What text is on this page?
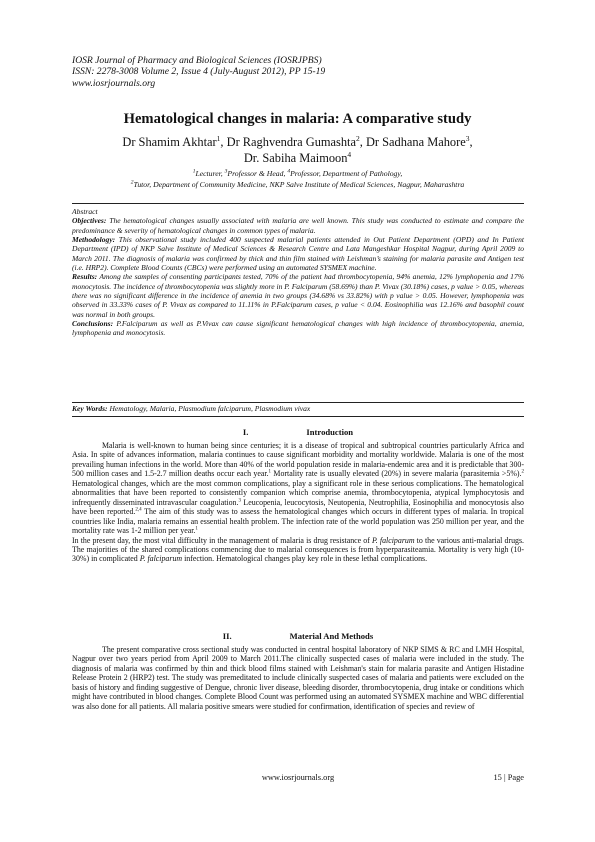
IOSR Journal of Pharmacy and Biological Sciences (IOSRJPBS)
ISSN: 2278-3008 Volume 2, Issue 4 (July-August 2012), PP 15-19
www.iosrjournals.org
Hematological changes in malaria: A comparative study
Dr Shamim Akhtar$^1$, Dr Raghvendra Gumashta$^2$, Dr Sadhana Mahore$^3$,
Dr. Sabiha Maimoon$^4$
$^1$Lecturer, $^3$Professor & Head, $^4$Professor, Department of Pathology,
$^2$Tutor, Department of Community Medicine, NKP Salve Institute of Medical Sciences, Nagpur, Maharashtra

Abstract

Objectives: The hematological changes usually associated with malaria are well known. This study was conducted to estimate and compare the predominance & severity of hematological changes in common types of malaria.

Methodology: This observational study included 400 suspected malarial patients attended in Out Patient Department (OPD) and In Patient Department (IPD) of NKP Salve Institute of Medical Sciences & Research Centre and Lata Mangeshkar Hospital Nagpur, during April 2009 to March 2011. The diagnosis of malaria was confirmed by thick and thin film stained with Leishman’s staining for malaria parasite and Antigen test (i.e. HRP2). Complete Blood Counts (CBCs) were performed using an automated SYSMEX machine.

Results: Among the samples of consenting participants tested, 70% of the patient had thrombocytopenia, 94% anemia, 12% lymphopenia and 17% monocytosis. The incidence of thrombocytopenia was slightly more in P. Falciparum (58.69%) than P. Vivax (30.18%) cases, p value > 0.05, whereas there was no significant difference in the incidence of anemia in two groups (34.68% vs 33.82%) with p value > 0.05. However, lymphopenia was observed in 33.33% cases of P. Vivax as compared to 11.11% in P.Falciparum cases, p value < 0.04. Eosinophilia was 12.16% and basophil count was normal in both groups.

Conclusions: P.Falciparum as well as P.Vivax can cause significant hematological changes with high incidence of thrombocytopenia, anemia, lymphopenia and monocytosis.

Key Words: Hematology, Malaria, Plasmodium falciparum, Plasmodium vivax

I.	Introduction

Malaria is well-known to human being since centuries; it is a disease of tropical and subtropical countries particularly Africa and Asia. In spite of advances information, malaria continues to cause significant morbidity and mortality worldwide. Malaria is one of the most prevailing human infections in the world. More than 40% of the world population reside in malaria-endemic area and it is predictable that 300-500 million cases and 1.5-2.7 million deaths occur each year.$^1$ Mortality rate is usually elevated (20%) in severe malaria (parasitemia >5%).$^2$ Hematological changes, which are the most common complications, play a significant role in these serious complications. The hematological abnormalities that have been reported to consistently companion which comprise anemia, thrombocytopenia, atypical lymphocytosis and infrequently disseminated intravascular coagulation.$^3$ Leucopenia, leucocytosis, Neutopenia, Neutrophilia, Eosinophilia and monocytosis also have been reported.$^{2,4}$ The aim of this study was to assess the hematological changes which occurs in different types of malaria. In tropical countries like India, malaria remains an essential health problem. The infection rate of the world population was 250 million per year, and the mortality rate was 1-2 million per year.$^1$

In the present day, the most vital difficulty in the management of malaria is drug resistance of P. falciparum to the various anti-malarial drugs. The majorities of the shared complications commencing due to malarial consequences is from hyperparasiteamia. Mortality is very high (10- 30%) in complicated P. falciparum infection. Hematological changes play key role in these lethal complications.

II.	Material And Methods

The present comparative cross sectional study was conducted in central hospital laboratory of NKP SIMS & RC and LMH Hospital, Nagpur over two years period from April 2009 to March 2011.The clinically suspected cases of malaria were included in the study. The diagnosis of malaria was confirmed by thin and thick blood films stained with Leishman's stain for malaria parasite and Antigen Histadine Release Protein 2 (HRP2) test. The study was premeditated to include clinically suspected cases of malaria and patients were excluded on the basis of history and finding suggestive of Dengue, chronic liver disease, bleeding disorder, thrombocytopenia, drug intake or conditions which might have contributed in blood changes. Complete Blood Count was performed using an automated SYSMEX machine and WBC differential was also done for all patients. All malaria positive smears were studied for confirmation, identification of species and review of

www.iosrjournals.org	15 | Page
